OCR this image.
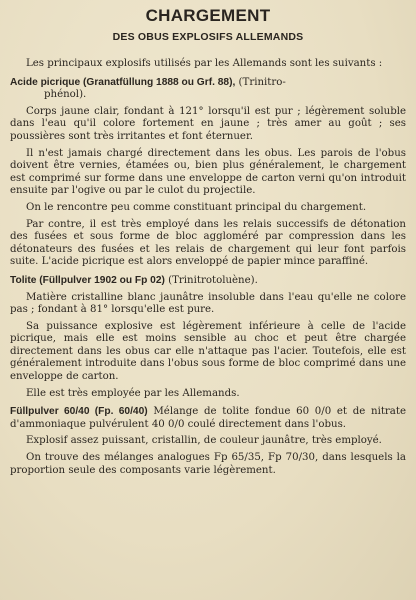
CHARGEMENT
DES OBUS EXPLOSIFS ALLEMANDS

Les principaux explosifs utilisés par les Allemands sont les suivants :

Acide picrique (Granatfüllung 1888 ou Grf. 88), (Trinitro-

phénol).

Corps jaune clair, fondant à 121° lorsqu'il est pur ; légèrement soluble dans l'eau qu'il colore fortement en jaune ; très amer au goût ; ses poussières sont très irritantes et font éternuer.

Il n'est jamais chargé directement dans les obus. Les parois de l'obus doivent être vernies, étamées ou, bien plus généralement, le chargement est comprimé sur forme dans une enveloppe de carton verni qu'on introduit ensuite par l'ogive ou par le culot du projectile.

On le rencontre peu comme constituant principal du chargement.

Par contre, il est très employé dans les relais successifs de détonation des fusées et sous forme de bloc aggloméré par compression dans les détonateurs des fusées et les relais de chargement qui leur font parfois suite. L'acide picrique est alors enveloppé de papier mince paraffiné.

Tolite (Füllpulver 1902 ou Fp 02) (Trinitrotoluène).

Matière cristalline blanc jaunâtre insoluble dans l'eau qu'elle ne colore pas ; fondant à 81° lorsqu'elle est pure.

Sa puissance explosive est légèrement inférieure à celle de l'acide picrique, mais elle est moins sensible au choc et peut être chargée directement dans les obus car elle n'attaque pas l'acier. Toutefois, elle est généralement introduite dans l'obus sous forme de bloc comprimé dans une enveloppe de carton.

Elle est très employée par les Allemands.

Füllpulver 60/40 (Fp. 60/40) Mélange de tolite fondue 60 0/0 et de nitrate d'ammoniaque pulvérulent 40 0/0 coulé directement dans l'obus.

Explosif assez puissant, cristallin, de couleur jaunâtre, très employé.

On trouve des mélanges analogues Fp 65/35, Fp 70/30, dans lesquels la proportion seule des composants varie légèrement.
